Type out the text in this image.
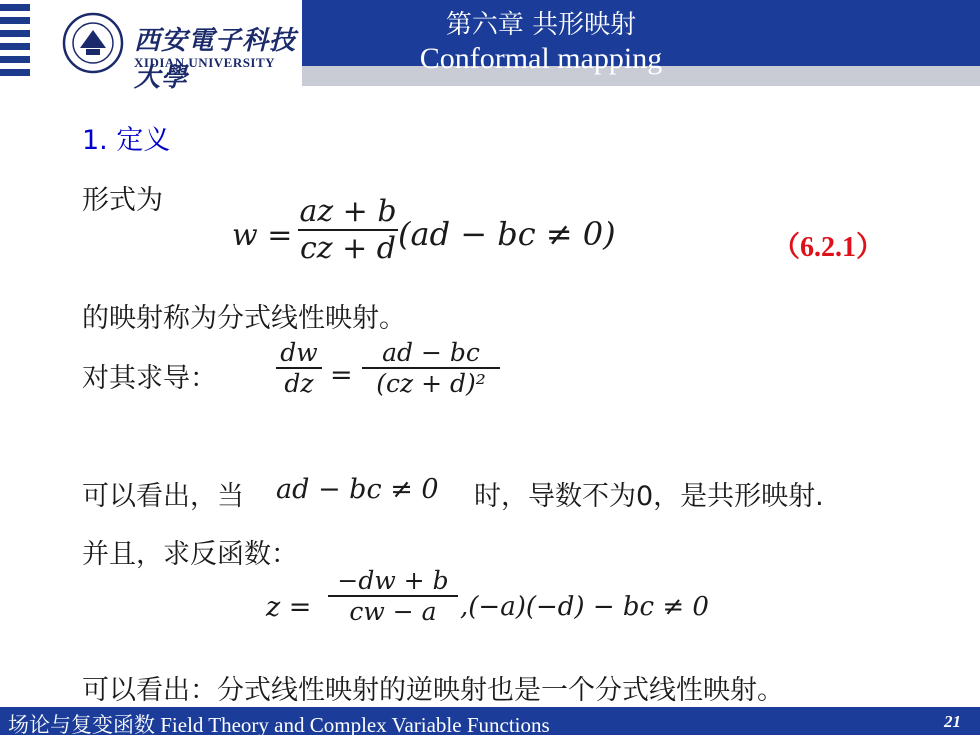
西安電子科技大學
XIDIAN UNIVERSITY
第六章 共形映射
Conformal mapping
1. 定义
形式为
w =
az + b
cz + d (ad − bc ≠ 0)	（6.2.1）
的映射称为分式线性映射。
对其求导：
dw
dz =
ad − bc
(cz + d)²
可以看出，当 ad − bc ≠ 0 时，导数不为0，是共形映射.
并且，求反函数：
z =
−dw + b
cw − a ,(−a)(−d) − bc ≠ 0
可以看出：分式线性映射的逆映射也是一个分式线性映射。
场论与复变函数 Field Theory and Complex Variable Functions	21
